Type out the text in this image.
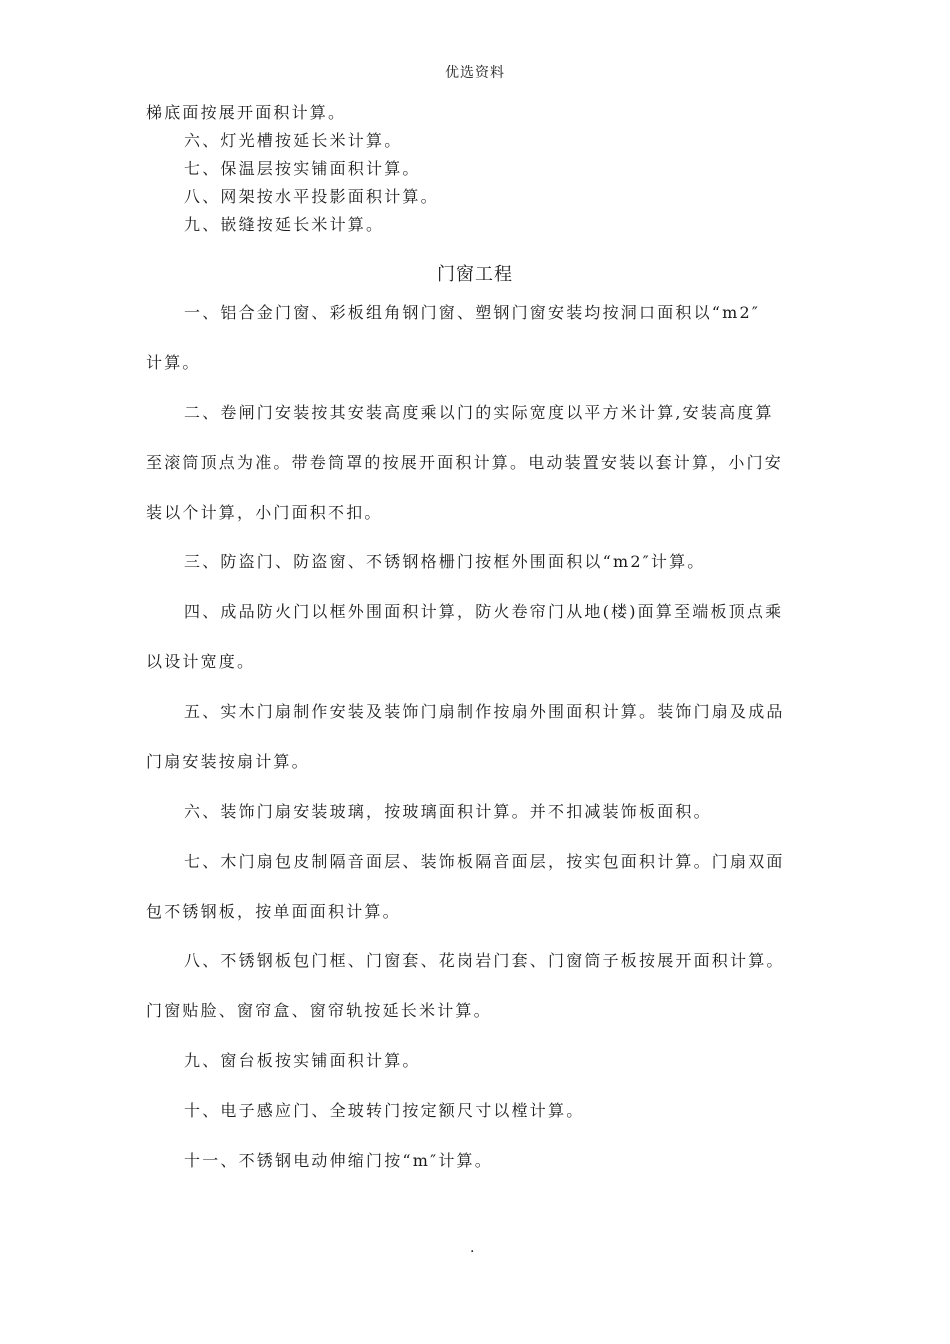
优选资料
梯底面按展开面积计算。
六、灯光槽按延长米计算。
七、保温层按实铺面积计算。
八、网架按水平投影面积计算。
九、嵌缝按延长米计算。
门窗工程
一、铝合金门窗、彩板组角钢门窗、塑钢门窗安装均按洞口面积以“m2″
计算。
二、卷闸门安装按其安装高度乘以门的实际宽度以平方米计算,安装高度算
至滚筒顶点为准。带卷筒罩的按展开面积计算。电动装置安装以套计算，小门安
装以个计算，小门面积不扣。
三、防盗门、防盗窗、不锈钢格栅门按框外围面积以“m2″计算。
四、成品防火门以框外围面积计算，防火卷帘门从地(楼)面算至端板顶点乘
以设计宽度。
五、实木门扇制作安装及装饰门扇制作按扇外围面积计算。装饰门扇及成品
门扇安装按扇计算。
六、装饰门扇安装玻璃，按玻璃面积计算。并不扣减装饰板面积。
七、木门扇包皮制隔音面层、装饰板隔音面层，按实包面积计算。门扇双面
包不锈钢板，按单面面积计算。
八、不锈钢板包门框、门窗套、花岗岩门套、门窗筒子板按展开面积计算。
门窗贴脸、窗帘盒、窗帘轨按延长米计算。
九、窗台板按实铺面积计算。
十、电子感应门、全玻转门按定额尺寸以樘计算。
十一、不锈钢电动伸缩门按“m″计算。
.
